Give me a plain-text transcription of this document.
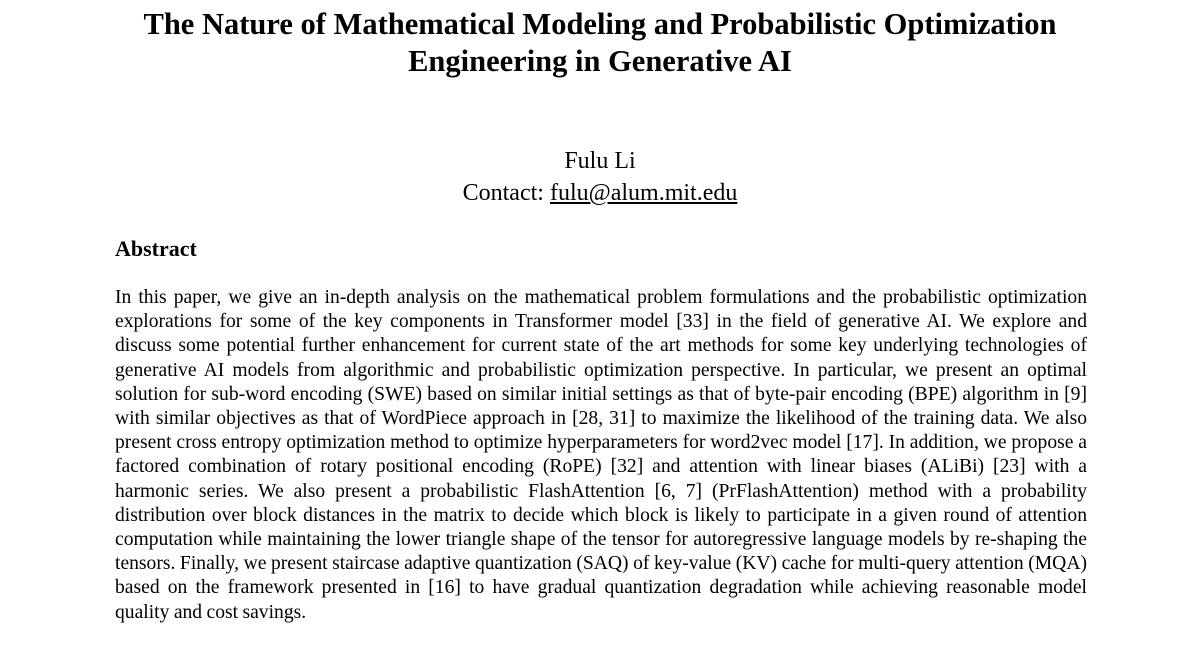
The Nature of Mathematical Modeling and Probabilistic Optimization
Engineering in Generative AI
Fulu Li
Contact: fulu@alum.mit.edu
Abstract

In this paper, we give an in-depth analysis on the mathematical problem formulations and the probabilistic optimization explorations for some of the key components in Transformer model [33] in the field of generative AI. We explore and discuss some potential further enhancement for current state of the art methods for some key underlying technologies of generative AI models from algorithmic and probabilistic optimization perspective. In particular, we present an optimal solution for sub-word encoding (SWE) based on similar initial settings as that of byte-pair encoding (BPE) algorithm in [9] with similar objectives as that of WordPiece approach in [28, 31] to maximize the likelihood of the training data. We also present cross entropy optimization method to optimize hyperparameters for word2vec model [17]. In addition, we propose a factored combination of rotary positional encoding (RoPE) [32] and attention with linear biases (ALiBi) [23] with a harmonic series. We also present a probabilistic FlashAttention [6, 7] (PrFlashAttention) method with a probability distribution over block distances in the matrix to decide which block is likely to participate in a given round of attention computation while maintaining the lower triangle shape of the tensor for autoregressive language models by re-shaping the tensors. Finally, we present staircase adaptive quantization (SAQ) of key-value (KV) cache for multi-query attention (MQA) based on the framework presented in [16] to have gradual quantization degradation while achieving reasonable model quality and cost savings.
